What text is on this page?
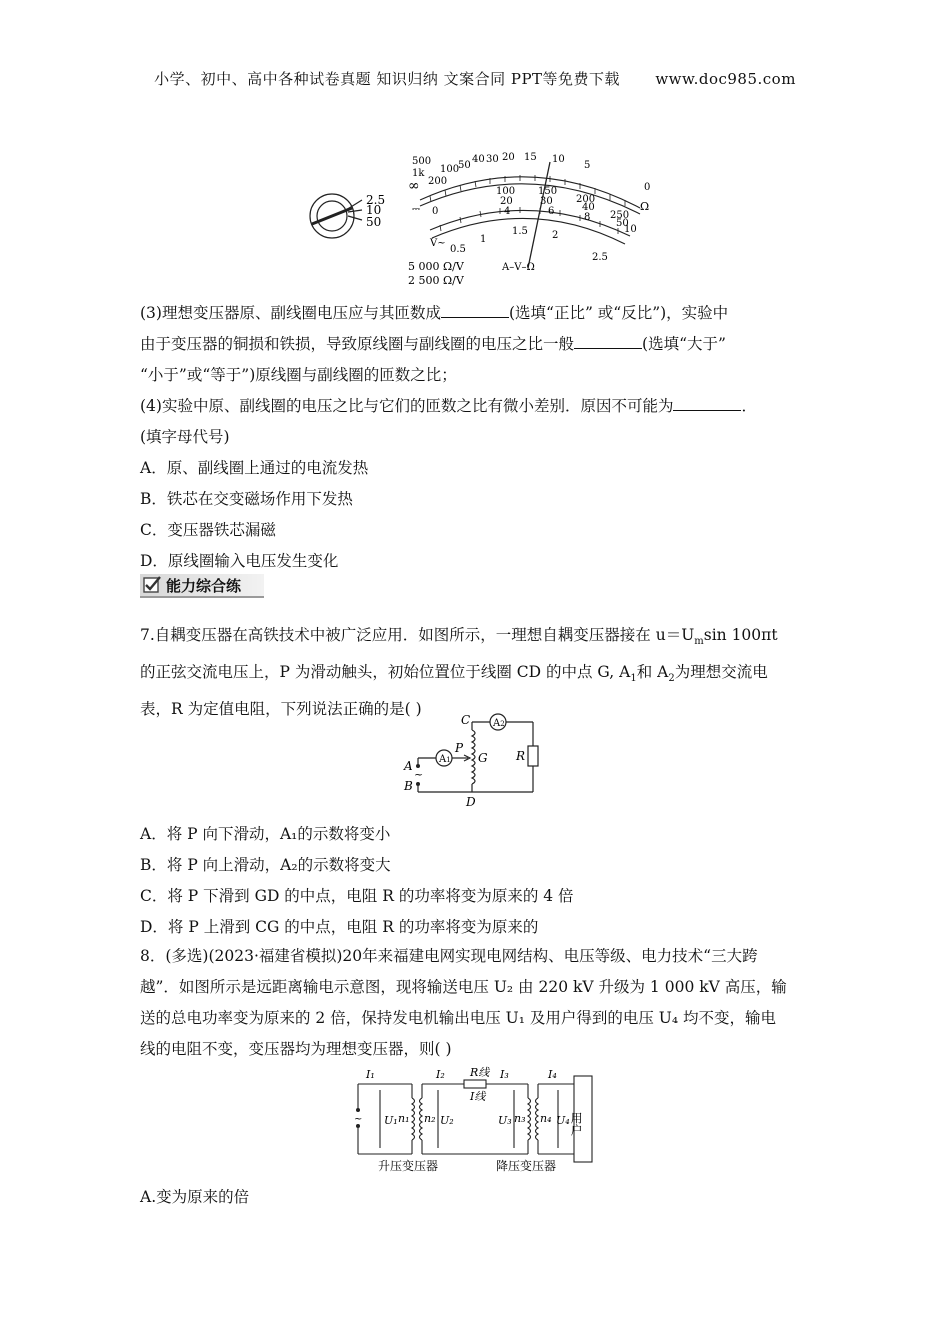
小学、初中、高中各种试卷真题 知识归纳 文案合同 PPT等免费下载 www.doc985.com
2.5
10
50
500
1k
200
100
50
40 30 20 15 10
5
0
∞
Ω
⎓ 0
100 150
200
250
20	30
40
50
4	6
8
10
V~
0.5
1
1.5 2
2.5
5 000 Ω/V
2 500 Ω/V
A–V–Ω
(3)理想变压器原、副线圈电压应与其匝数成	(选填“正比” 或“反比”)，实验中
由于变压器的铜损和铁损，导致原线圈与副线圈的电压之比一般	(选填“大于”
“小于”或“等于”)原线圈与副线圈的匝数之比；
(4)实验中原、副线圈的电压之比与它们的匝数之比有微小差别．原因不可能为	．
(填字母代号)
A．原、副线圈上通过的电流发热
B．铁芯在交变磁场作用下发热
C．变压器铁芯漏磁
D．原线圈输入电压发生变化
能力综合练
7.自耦变压器在高铁技术中被广泛应用．如图所示，一理想自耦变压器接在 $u=U_m\sin$ 100πt
的正弦交流电压上，P 为滑动触头，初始位置位于线圈 CD 的中点 G, $A_1$和 $A_2$为理想交流电
表，R 为定值电阻，下列说法正确的是( )
~
C
P
G R
A
B
D
A1
A2
A．将 P 向下滑动，A₁的示数将变小
B．将 P 向上滑动，A₂的示数将变大
C．将 P 下滑到 GD 的中点，电阻 R 的功率将变为原来的 4 倍
D．将 P 上滑到 CG 的中点，电阻 R 的功率将变为原来的
8．(多选)(2023·福建省模拟)20年来福建电网实现电网结构、电压等级、电力技术“三大跨
越”．如图所示是远距离输电示意图，现将输送电压 U₂ 由 220 kV 升级为 1 000 kV 高压，输
送的总电功率变为原来的 2 倍，保持发电机输出电压 U₁ 及用户得到的电压 U₄ 均不变，输电
线的电阻不变，变压器均为理想变压器，则( )
~
I₁	I₂ R线
I线
I₃	I₄
U₁ n₁ n₂ U₂	U₃ n₃ n₄ U₄ 用户
升压变压器	降压变压器
A.变为原来的倍
